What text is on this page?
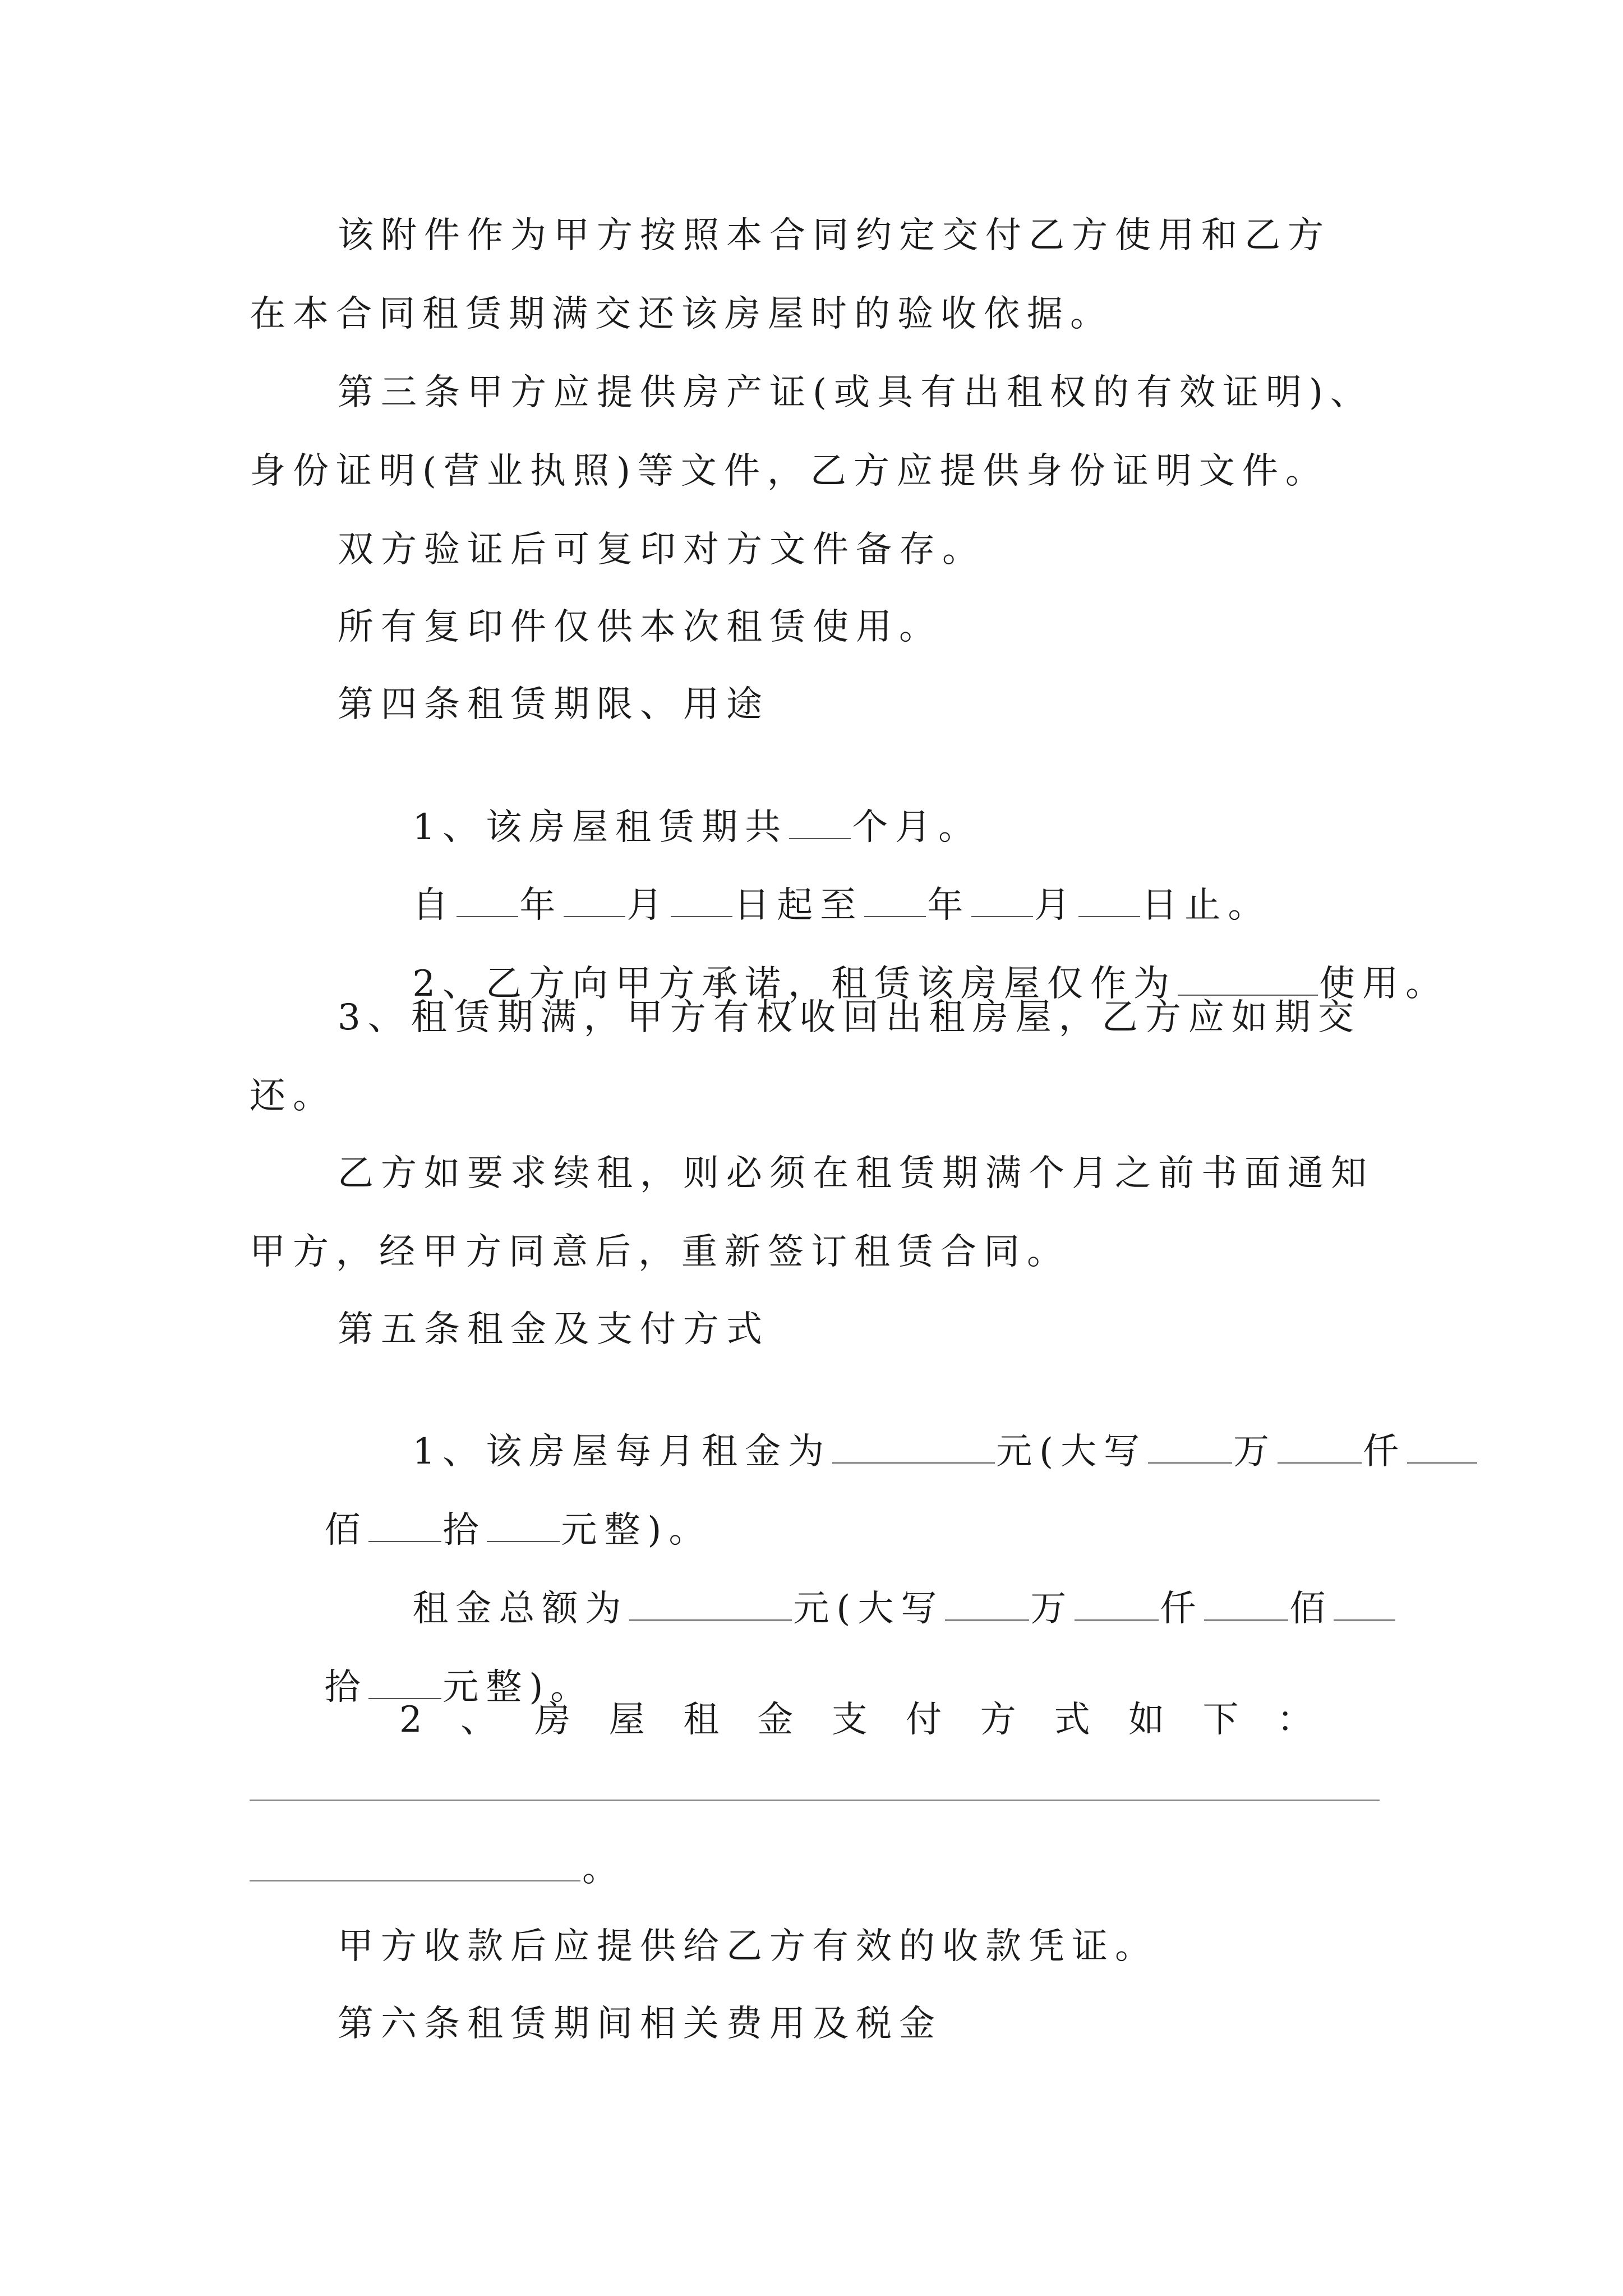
该附件作为甲方按照本合同约定交付乙方使用和乙方
在本合同租赁期满交还该房屋时的验收依据。
第三条甲方应提供房产证(或具有出租权的有效证明)、
身份证明(营业执照)等文件，乙方应提供身份证明文件。
双方验证后可复印对方文件备存。
所有复印件仅供本次租赁使用。
第四条租赁期限、用途

1、该房屋租赁期共 个月。

自 年 月 日起至 年 月 日止。

2、乙方向甲方承诺，租赁该房屋仅作为	使用。

3、租赁期满，甲方有权收回出租房屋，乙方应如期交
还。
乙方如要求续租，则必须在租赁期满个月之前书面通知
甲方，经甲方同意后，重新签订租赁合同。
第五条租金及支付方式

1、该房屋每月租金为	元(大写 万 仟

佰 拾 元整)。

租金总额为	元(大写 万 仟 佰

拾 元整)。

2 、 房 屋 租 金 支 付 方 式 如 下 ：
。
甲方收款后应提供给乙方有效的收款凭证。
第六条租赁期间相关费用及税金
